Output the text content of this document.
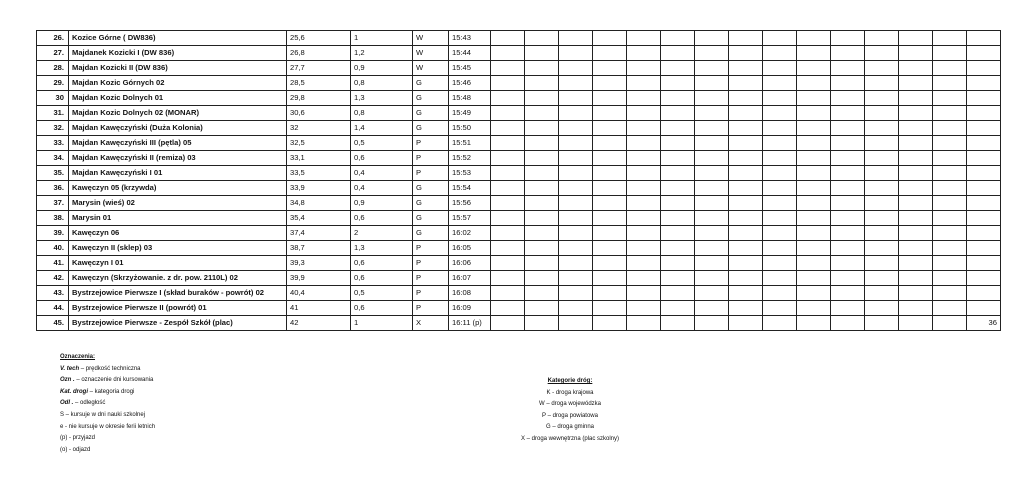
26.	Kozice Górne ( DW836)	25,6	1	W	15:43															
27.	Majdanek Kozicki I (DW 836)	26,8	1,2	W	15:44															
28.	Majdan Kozicki II (DW 836)	27,7	0,9	W	15:45															
29.	Majdan Kozic Górnych 02	28,5	0,8	G	15:46															
30	Majdan Kozic Dolnych 01	29,8	1,3	G	15:48															
31.	Majdan Kozic Dolnych 02 (MONAR)	30,6	0,8	G	15:49															
32.	Majdan Kawęczyński (Duża Kolonia)	32	1,4	G	15:50															
33.	Majdan Kawęczyński III (pętla) 05	32,5	0,5	P	15:51															
34.	Majdan Kawęczyński II (remiza) 03	33,1	0,6	P	15:52															
35.	Majdan Kawęczyński I 01	33,5	0,4	P	15:53															
36.	Kawęczyn 05 (krzywda)	33,9	0,4	G	15:54															
37.	Marysin (wieś) 02	34,8	0,9	G	15:56															
38.	Marysin 01	35,4	0,6	G	15:57															
39.	Kawęczyn 06	37,4	2	G	16:02															
40.	Kawęczyn II (sklep) 03	38,7	1,3	P	16:05															
41.	Kawęczyn I 01	39,3	0,6	P	16:06															
42.	Kawęczyn (Skrzyżowanie. z dr. pow. 2110L) 02	39,9	0,6	P	16:07															
43.	Bystrzejowice Pierwsze I (skład buraków - powrót) 02	40,4	0,5	P	16:08															
44.	Bystrzejowice Pierwsze II (powrót) 01	41	0,6	P	16:09															
45.	Bystrzejowice Pierwsze - Zespół Szkół (plac)	42	1	X	16:11 (p)															36
Oznaczenia:
V. tech – prędkość techniczna
Ozn . – oznaczenie dni kursowania
Kat. drogi – kategoria drogi
Odl . – odległość
S – kursuje w dni nauki szkolnej
e - nie kursuje w okresie ferii letnich
(p) - przyjazd
(o) - odjazd
Kategorie dróg:
K - droga krajowa
W – droga wojewódzka
P – droga powiatowa
G – droga gminna
X – droga wewnętrzna (plac szkolny)
